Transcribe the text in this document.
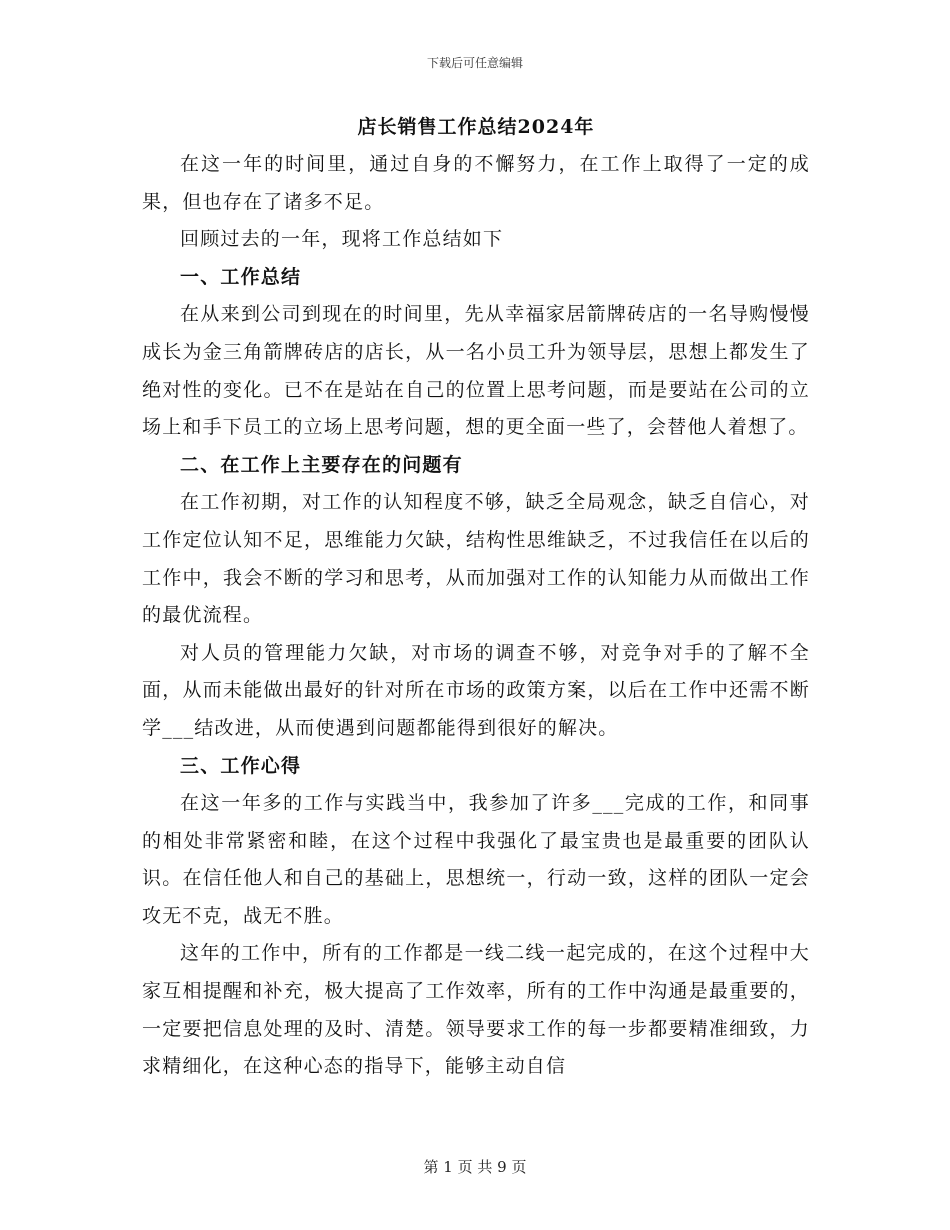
下载后可任意编辑
店长销售工作总结2024年

在这一年的时间里，通过自身的不懈努力，在工作上取得了一定的成果，但也存在了诸多不足。

回顾过去的一年，现将工作总结如下

一、工作总结

在从来到公司到现在的时间里，先从幸福家居箭牌砖店的一名导购慢慢成长为金三角箭牌砖店的店长，从一名小员工升为领导层，思想上都发生了绝对性的变化。已不在是站在自己的位置上思考问题，而是要站在公司的立场上和手下员工的立场上思考问题，想的更全面一些了，会替他人着想了。

二、在工作上主要存在的问题有

在工作初期，对工作的认知程度不够，缺乏全局观念，缺乏自信心，对工作定位认知不足，思维能力欠缺，结构性思维缺乏，不过我信任在以后的工作中，我会不断的学习和思考，从而加强对工作的认知能力从而做出工作的最优流程。

对人员的管理能力欠缺，对市场的调查不够，对竞争对手的了解不全面，从而未能做出最好的针对所在市场的政策方案，以后在工作中还需不断学___结改进，从而使遇到问题都能得到很好的解决。

三、工作心得

在这一年多的工作与实践当中，我参加了许多___完成的工作，和同事的相处非常紧密和睦，在这个过程中我强化了最宝贵也是最重要的团队认识。在信任他人和自己的基础上，思想统一，行动一致，这样的团队一定会攻无不克，战无不胜。

这年的工作中，所有的工作都是一线二线一起完成的，在这个过程中大家互相提醒和补充，极大提高了工作效率，所有的工作中沟通是最重要的，一定要把信息处理的及时、清楚。领导要求工作的每一步都要精准细致，力求精细化，在这种心态的指导下，能够主动自信

第 1 页 共 9 页
